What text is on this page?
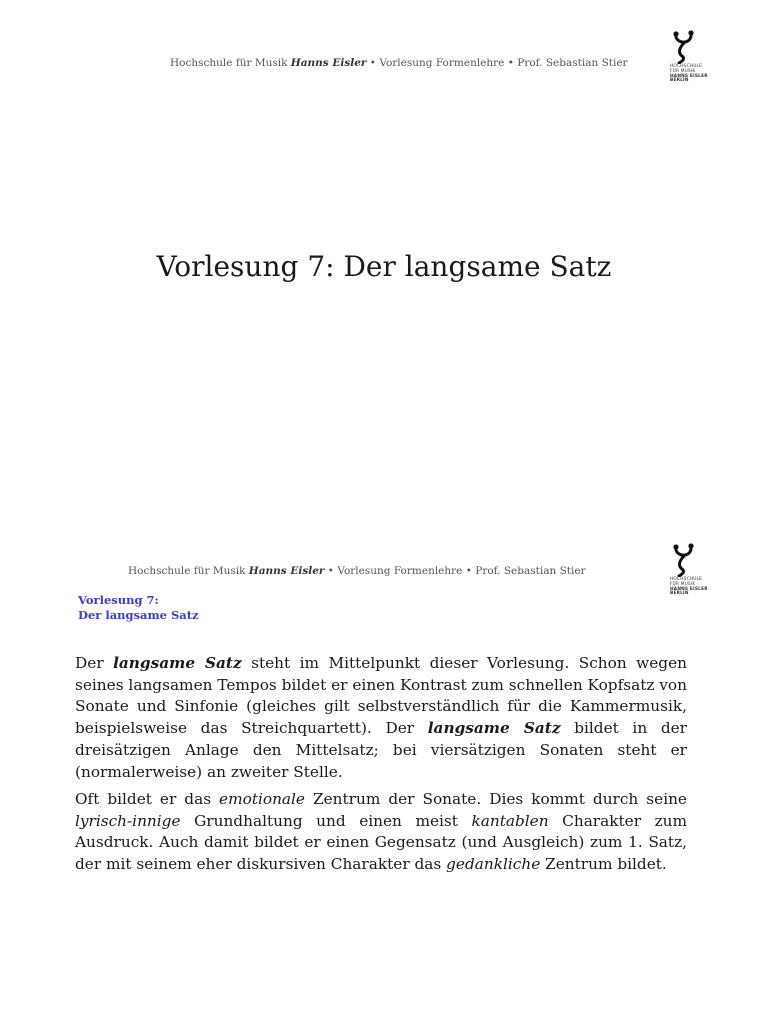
Hochschule für Musik Hanns Eisler • Vorlesung Formenlehre • Prof. Sebastian Stier	HOCHSCHULE
FÜR MUSIK
HANNS EISLER
BERLIN
Vorlesung 7: Der langsame Satz
Hochschule für Musik Hanns Eisler • Vorlesung Formenlehre • Prof. Sebastian Stier
HOCHSCHULE
FÜR MUSIK
HANNS EISLER
BERLIN
Vorlesung 7:
Der langsame Satz

Der langsame Satz steht im Mittelpunkt dieser Vorlesung. Schon wegen seines langsamen Tempos bildet er einen Kontrast zum schnellen Kopfsatz von Sonate und Sinfonie (gleiches gilt selbstverständlich für die Kammermusik, beispielsweise das Streichquartett). Der langsame Satz bildet in der dreisätzigen Anlage den Mittelsatz; bei viersätzigen Sonaten steht er (normalerweise) an zweiter Stelle.

Oft bildet er das emotionale Zentrum der Sonate. Dies kommt durch seine lyrisch-innige Grundhaltung und einen meist kantablen Charakter zum Ausdruck. Auch damit bildet er einen Gegensatz (und Ausgleich) zum 1. Satz, der mit seinem eher diskursiven Charakter das gedankliche Zentrum bildet.
